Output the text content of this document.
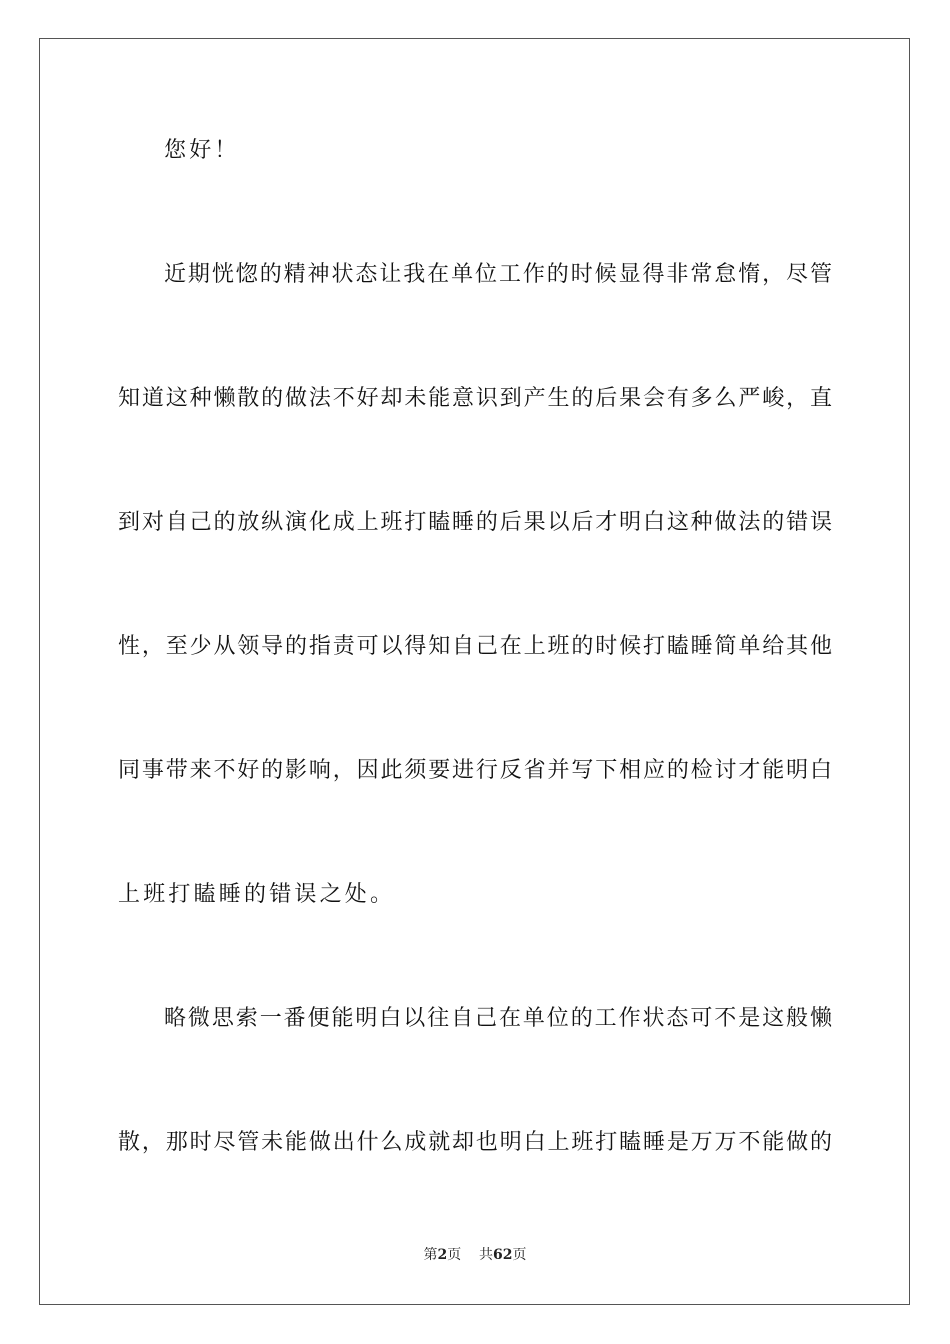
您好！
近期恍惚的精神状态让我在单位工作的时候显得非常怠惰，尽管
知道这种懒散的做法不好却未能意识到产生的后果会有多么严峻，直
到对自己的放纵演化成上班打瞌睡的后果以后才明白这种做法的错误
性，至少从领导的指责可以得知自己在上班的时候打瞌睡简单给其他
同事带来不好的影响，因此须要进行反省并写下相应的检讨才能明白
上班打瞌睡的错误之处。
略微思索一番便能明白以往自己在单位的工作状态可不是这般懒
散，那时尽管未能做出什么成就却也明白上班打瞌睡是万万不能做的
第2页 共62页
